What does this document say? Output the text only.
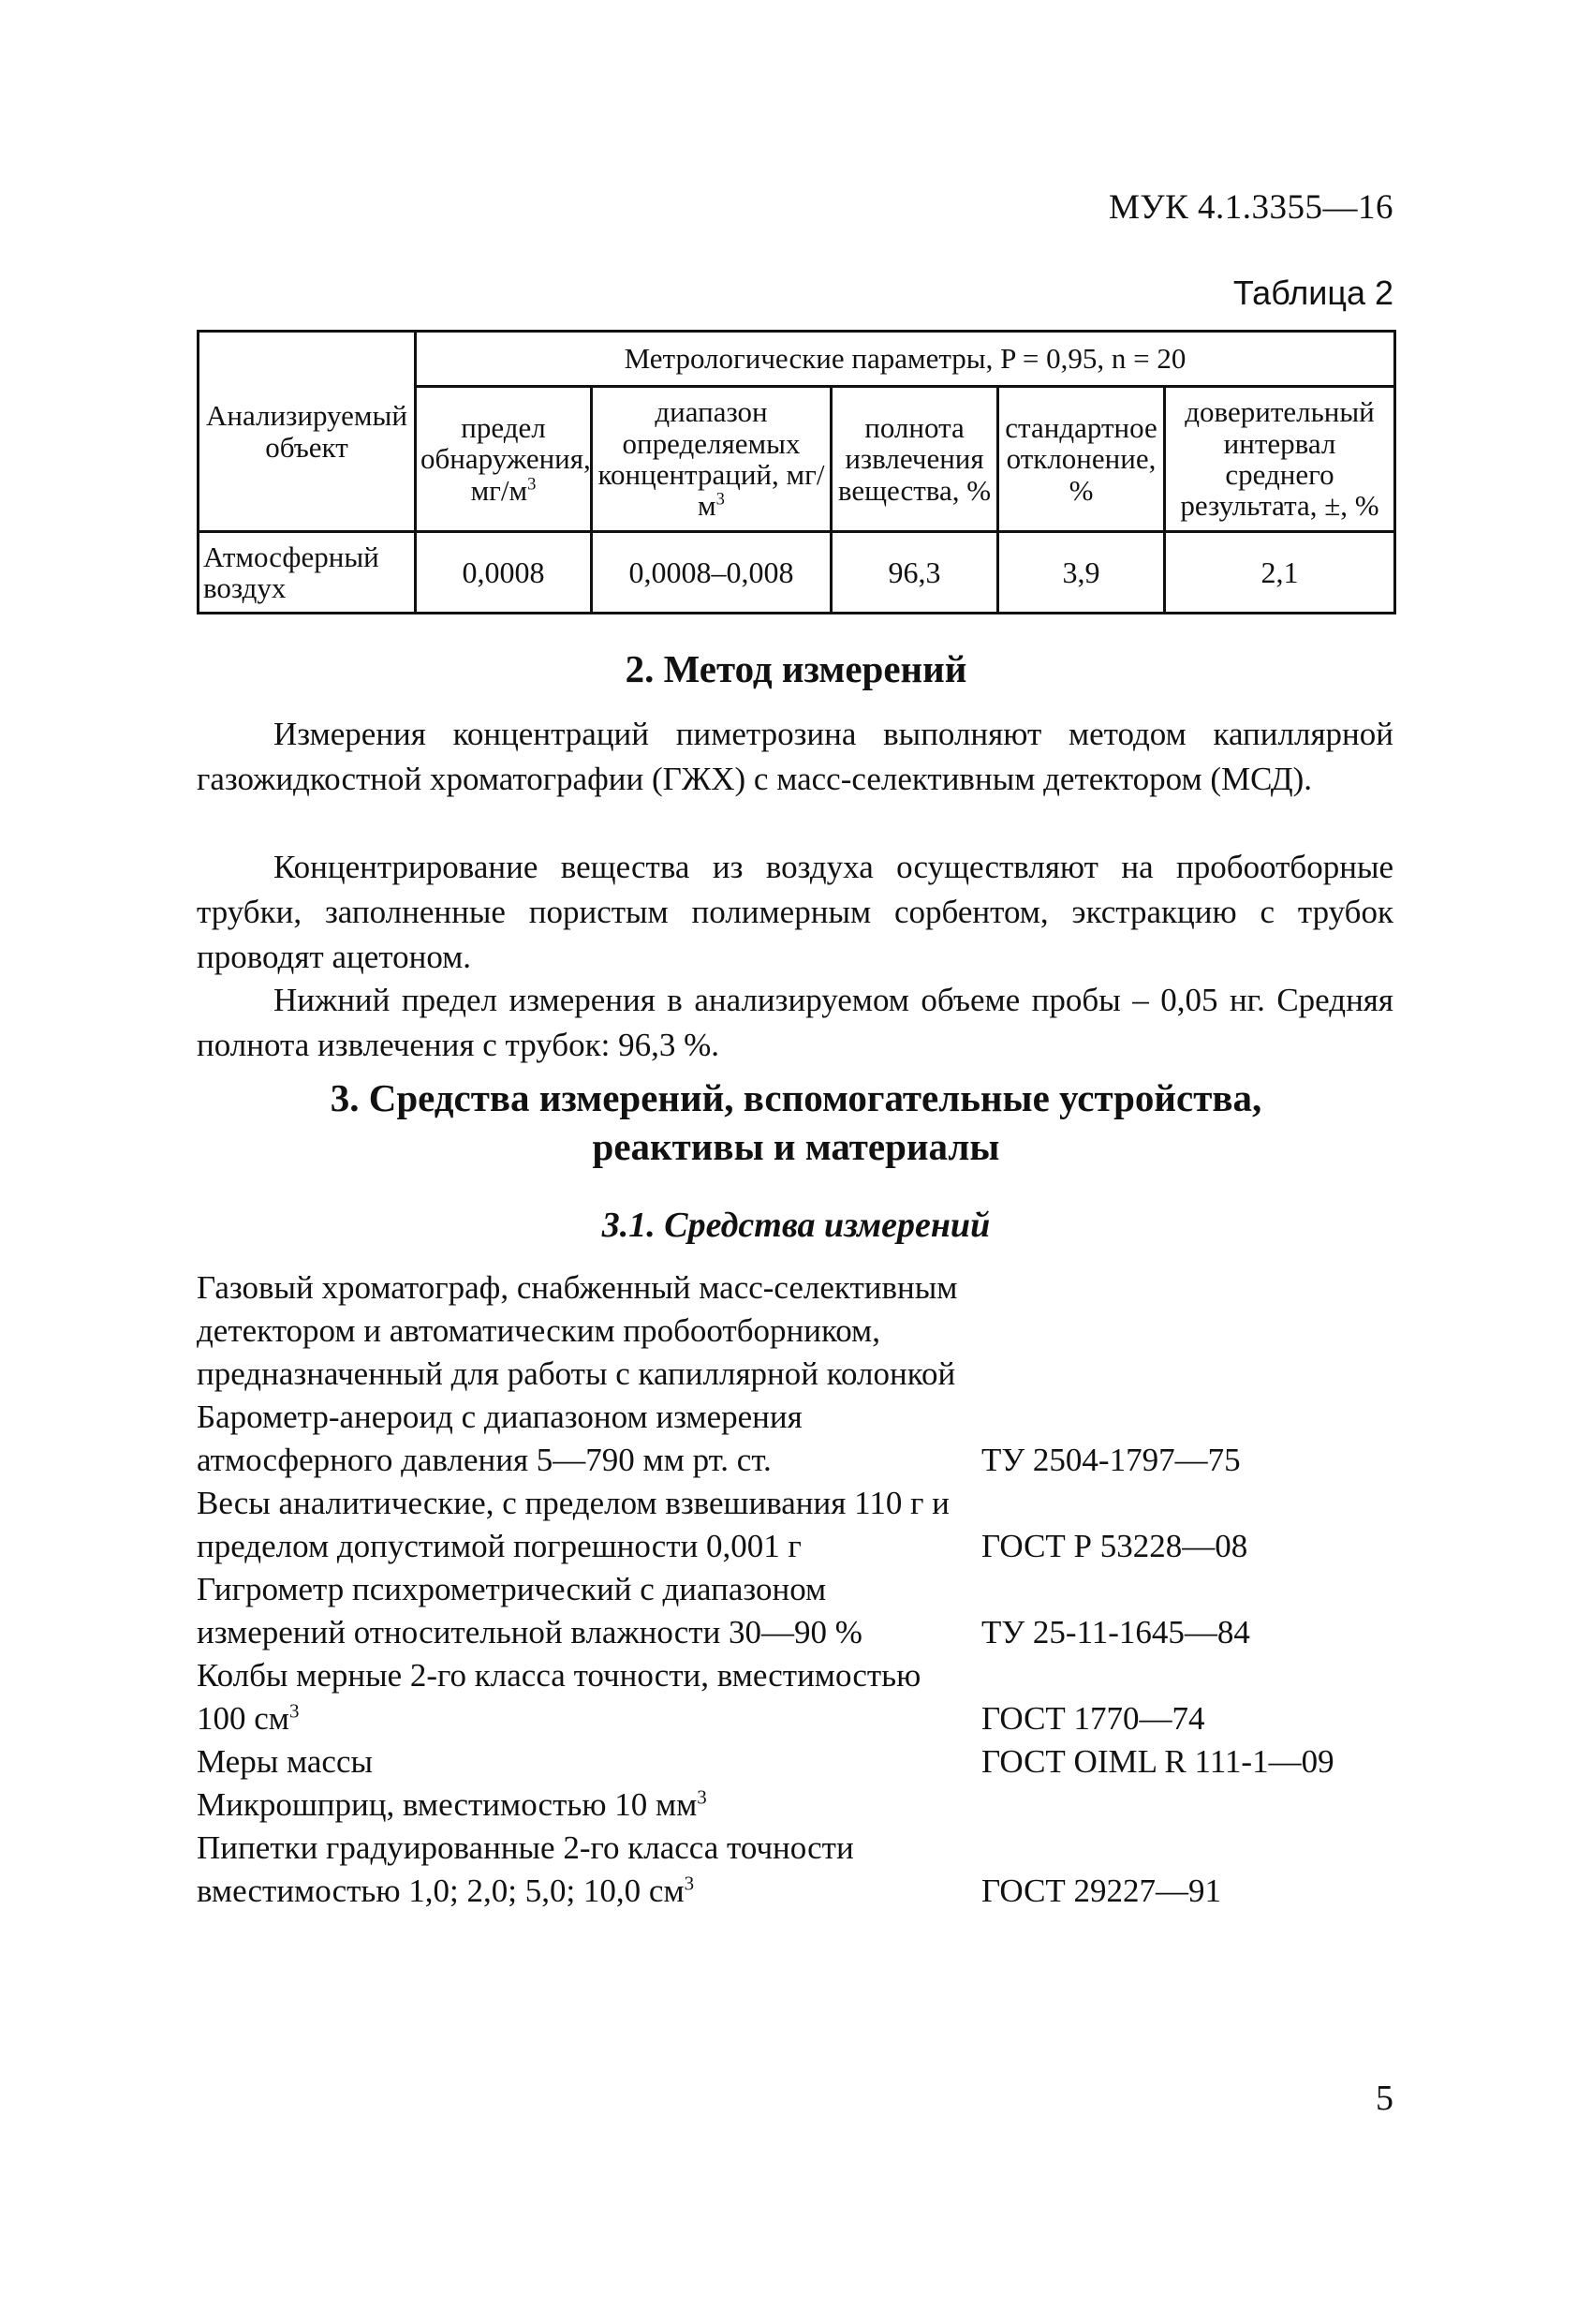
МУК 4.1.3355—16
Таблица 2
Анализируемый объект	Метрологические параметры, P = 0,95, n = 20				
	предел обнаружения, $мг/м^3$	диапазон определяемых концентраций, $мг/м^3$	полнота извлечения вещества, %	стандартное отклонение, %	доверительный интервал среднего результата, ±, %
Атмосферный воздух	0,0008	0,0008–0,008	96,3	3,9	2,1
2. Метод измерений

Измерения концентраций пиметрозина выполняют методом капиллярной газожидкостной хроматографии (ГЖХ) с масс-селективным детектором (МСД).

Концентрирование вещества из воздуха осуществляют на пробоотборные трубки, заполненные пористым полимерным сорбентом, экстракцию с трубок проводят ацетоном.

Нижний предел измерения в анализируемом объеме пробы – 0,05 нг. Средняя полнота извлечения с трубок: 96,3 %.

3. Средства измерений, вспомогательные устройства,
реактивы и материалы
3.1. Средства измерений
Газовый хроматограф, снабженный масс-селективным детектором и автоматическим пробоотборником, предназначенный для работы с капиллярной колонкой
Барометр-анероид с диапазоном измерения атмосферного давления 5—790 мм рт. ст.	ТУ 2504-1797—75
Весы аналитические, с пределом взвешивания 110 г и пределом допустимой погрешности 0,001 г	ГОСТ Р 53228—08
Гигрометр психрометрический с диапазоном измерений относительной влажности 30—90 %	ТУ 25-11-1645—84
Колбы мерные 2-го класса точности, вместимостью 100 $см^3$	ГОСТ 1770—74
Меры массы	ГОСТ OIML R 111-1—09
Микрошприц, вместимостью 10 $мм^3$
Пипетки градуированные 2-го класса точности вместимостью 1,0; 2,0; 5,0; 10,0 $см^3$	ГОСТ 29227—91
5
